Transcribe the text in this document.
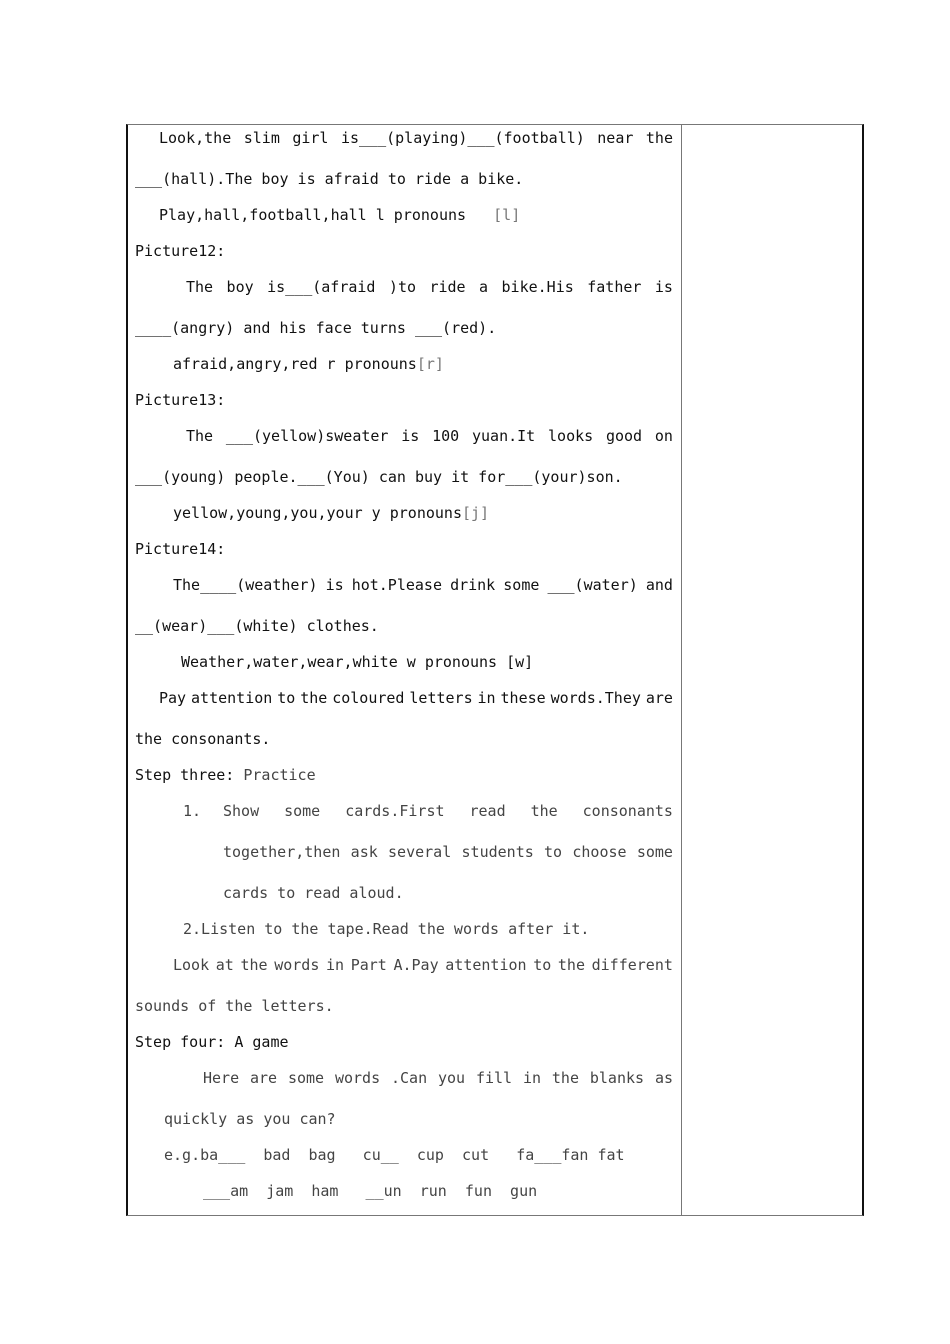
Look,the slim girl is___(playing)___(football) near the
___(hall).The boy is afraid to ride a bike.
Play,hall,football,hall l pronouns [l]
Picture12:
The boy is___(afraid )to ride a bike.His father is
____(angry) and his face turns ___(red).
afraid,angry,red r pronouns[r]
Picture13:
The ___(yellow)sweater is 100 yuan.It looks good on
___(young) people.___(You) can buy it for___(your)son.
yellow,young,you,your y pronouns[j]
Picture14:
The____(weather) is hot.Please drink some ___(water) and
__(wear)___(white) clothes.
Weather,water,wear,white w pronouns [w]
Pay attention to the coloured letters in these words.They are
the consonants.
Step three: Practice
1. Show some cards.First read the consonants
together,then ask several students to choose some
cards to read aloud.
2.Listen to the tape.Read the words after it.
Look at the words in Part A.Pay attention to the different
sounds of the letters.
Step four: A game
Here are some words .Can you fill in the blanks as
quickly as you can?
e.g.ba___  bad  bag   cu__  cup  cut   fa___fan fat
___am  jam  ham   __un  run  fun  gun
